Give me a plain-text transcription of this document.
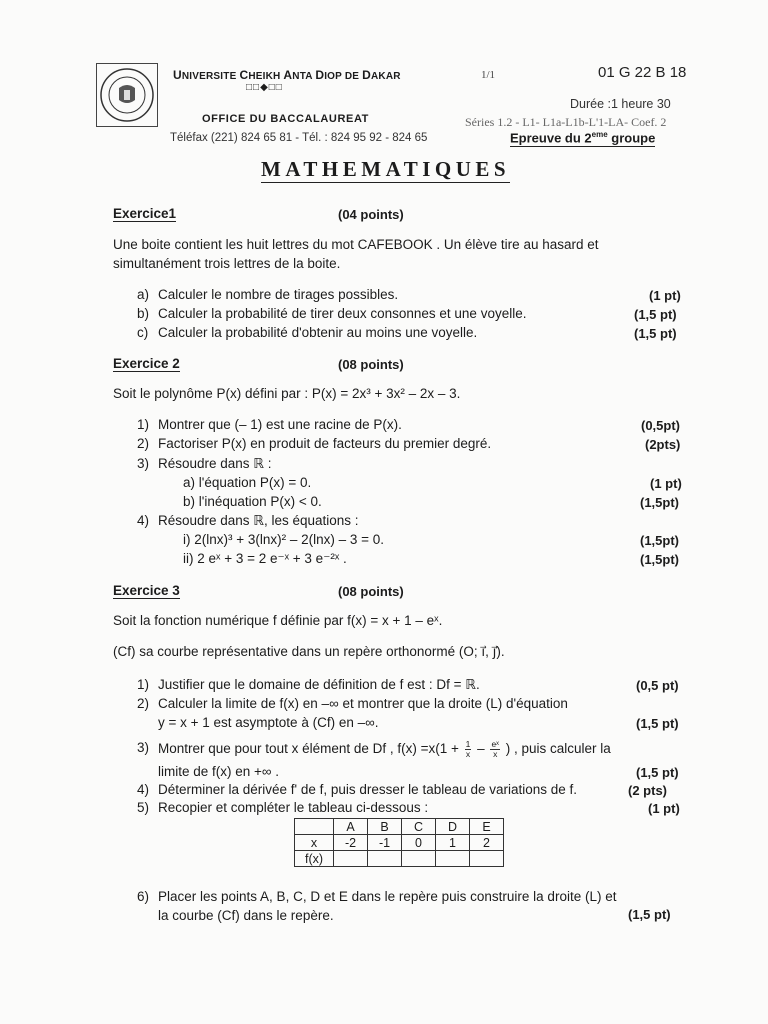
UNIVERSITE CHEIKH ANTA DIOP DE DAKAR
□□◆□□
OFFICE DU BACCALAUREAT
Téléfax (221) 824 65 81 - Tél. : 824 95 92 - 824 65
1/1	01 G 22 B 18
Durée :1 heure 30
Séries 1.2 - L1- L1a-L1b-L'1-LA- Coef. 2
Epreuve du 2eme groupe
MATHEMATIQUES
Exercice1	(04 points)
Une boite contient les huit lettres du mot CAFEBOOK . Un élève tire au hasard et
simultanément trois lettres de la boite.
a) Calculer le nombre de tirages possibles.	(1 pt)
b) Calculer la probabilité de tirer deux consonnes et une voyelle.	(1,5 pt)
c) Calculer la probabilité d'obtenir au moins une voyelle.	(1,5 pt)
Exercice 2	(08 points)
Soit le polynôme P(x) défini par : P(x) = 2x³ + 3x² – 2x – 3.
1) Montrer que (– 1) est une racine de P(x).	(0,5pt)
2) Factoriser P(x) en produit de facteurs du premier degré.	(2pts)
3) Résoudre dans ℝ :
a) l'équation P(x) = 0.	(1 pt)
b) l'inéquation P(x) < 0.	(1,5pt)
4) Résoudre dans ℝ, les équations :
i) 2(lnx)³ + 3(lnx)² – 2(lnx) – 3 = 0.	(1,5pt)
ii) 2 eˣ + 3 = 2 e⁻ˣ + 3 e⁻²ˣ .	(1,5pt)
Exercice 3	(08 points)
Soit la fonction numérique f définie par f(x) = x + 1 – eˣ.
(Cf) sa courbe représentative dans un repère orthonormé (O; i⃗, j⃗).
1) Justifier que le domaine de définition de f est : Df = ℝ.	(0,5 pt)
2) Calculer la limite de f(x) en –∞ et montrer que la droite (L) d'équation
y = x + 1 est asymptote à (Cf) en –∞.	(1,5 pt)
3) Montrer que pour tout x élément de Df , $f(x) =x(1 + \frac{1}{x} - \frac{\text{eˣ}}{x}$ ) , puis calculer la
limite de f(x) en +∞ .	(1,5 pt)
4) Déterminer la dérivée f' de f, puis dresser le tableau de variations de f.	(2 pts)
5) Recopier et compléter le tableau ci-dessous :	(1 pt)
	A	B	C	D	E
x	-2	-1	0	1	2
f(x)					
6) Placer les points A, B, C, D et E dans le repère puis construire la droite (L) et
la courbe (Cf) dans le repère.	(1,5 pt)
